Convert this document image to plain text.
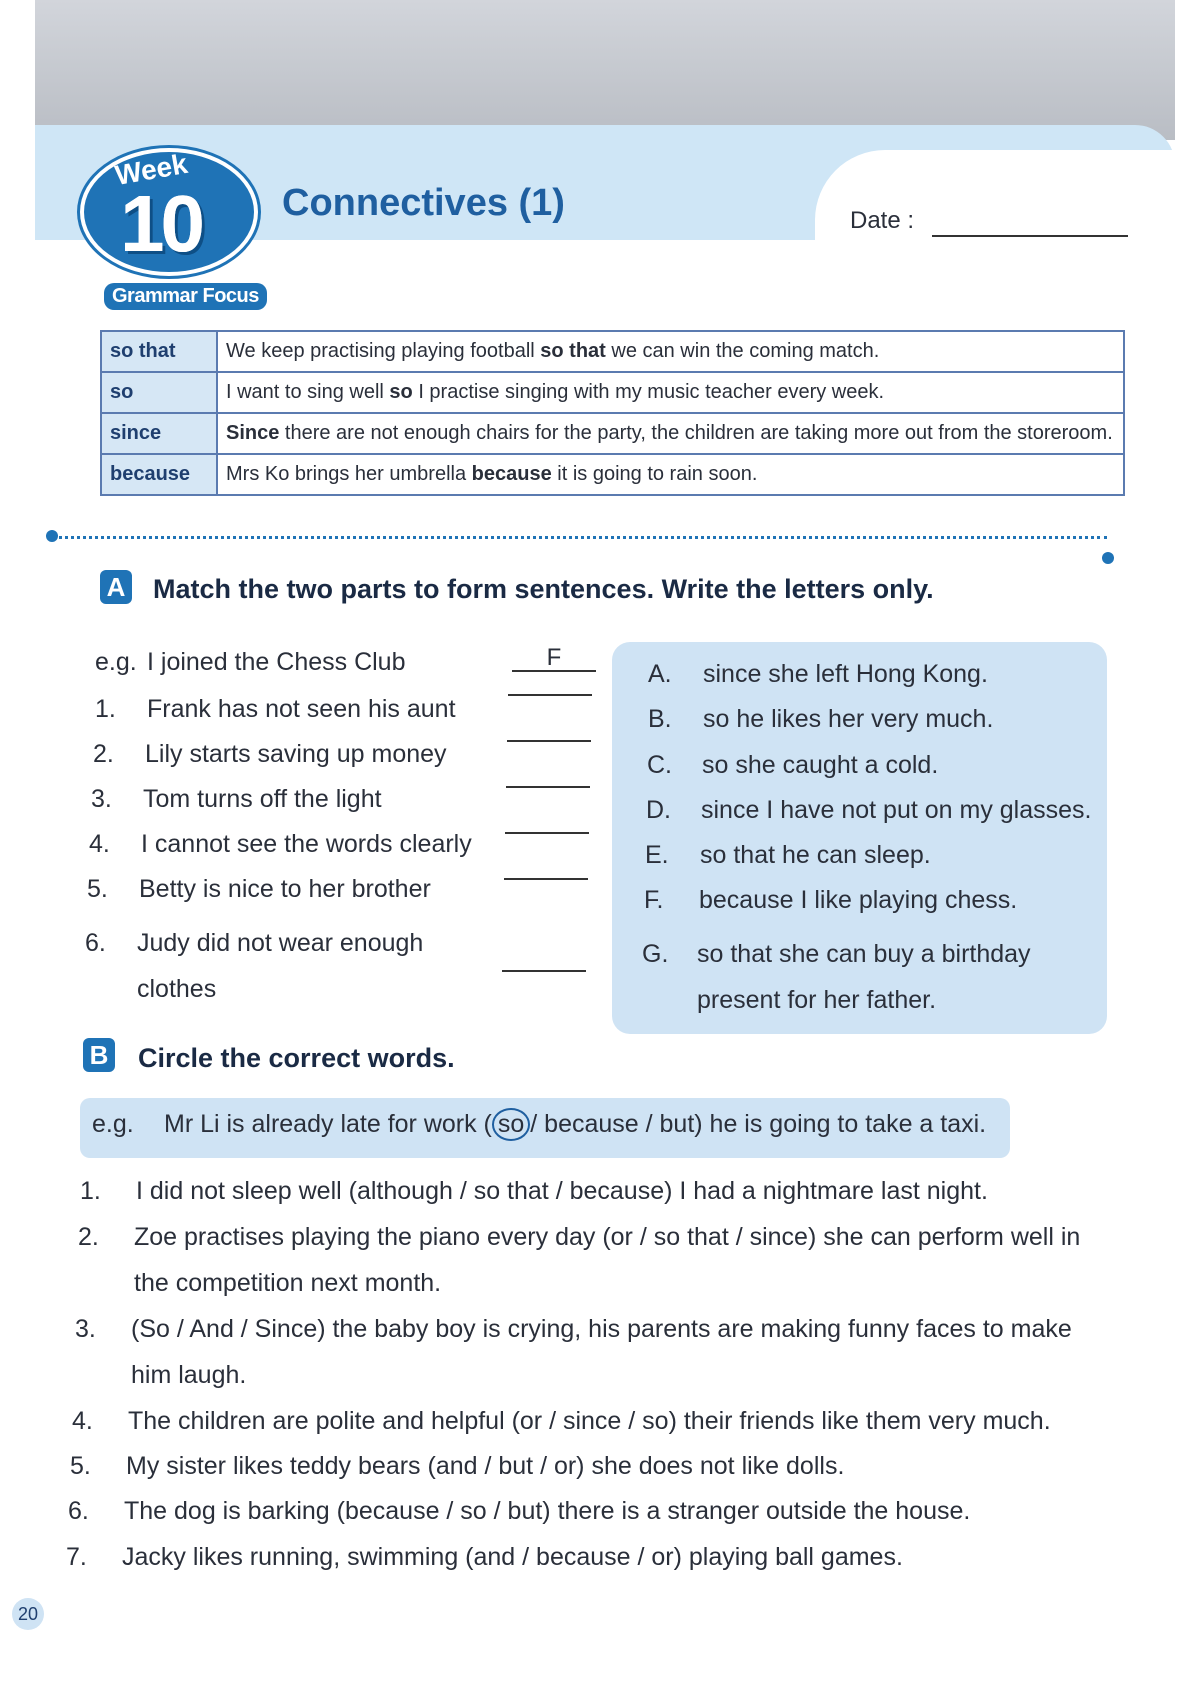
Week
10 Connectives (1)	Date :
Grammar Focus
so that	We keep practising playing football so that we can win the coming match.
so	I want to sing well so I practise singing with my music teacher every week.
since	Since there are not enough chairs for the party, the children are taking more out from the storeroom.
because	Mrs Ko brings her umbrella because it is going to rain soon.
A Match the two parts to form sentences. Write the letters only.
e.g. I joined the Chess Club	F
1. Frank has not seen his aunt
2. Lily starts saving up money
3. Tom turns off the light
4. I cannot see the words clearly
5. Betty is nice to her brother
6. Judy did not wear enough
clothes
A. since she left Hong Kong.
B. so he likes her very much.
C. so she caught a cold.
D. since I have not put on my glasses.
E. so that he can sleep.
F. because I like playing chess.
G. so that she can buy a birthday
present for her father.
B Circle the correct words.
e.g. Mr Li is already late for work ( so / because / but) he is going to take a taxi.
1. I did not sleep well (although / so that / because) I had a nightmare last night.
2. Zoe practises playing the piano every day (or / so that / since) she can perform well in
the competition next month.
3. (So / And / Since) the baby boy is crying, his parents are making funny faces to make
him laugh.
4. The children are polite and helpful (or / since / so) their friends like them very much.
5. My sister likes teddy bears (and / but / or) she does not like dolls.
6. The dog is barking (because / so / but) there is a stranger outside the house.
7. Jacky likes running, swimming (and / because / or) playing ball games.
20
